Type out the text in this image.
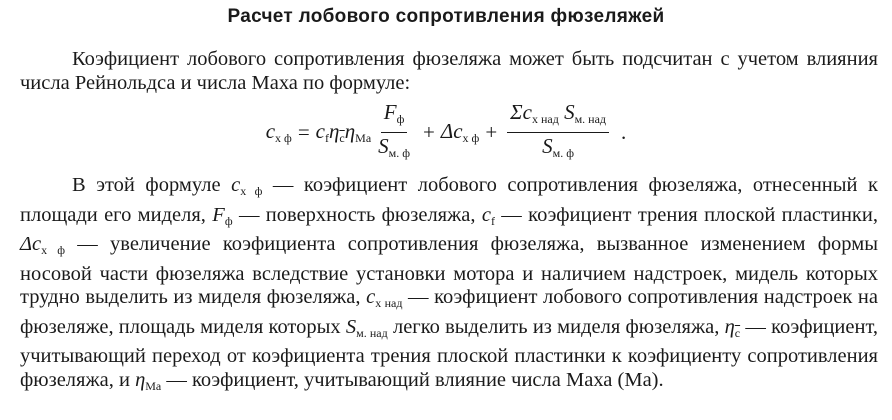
Расчет лобового сопротивления фюзеляжей

Коэфициент лобового сопротивления фюзеляжа может быть подсчитан с учетом влияния числа Рейнольдса и числа Маха по формуле:

$c_{x ф} = c_f$ $\eta_{\overline{c}}$ $\eta_{Ma} \frac{F_ф}{S_{м. ф}} + \Delta c_{x ф} + \frac{\Sigma c_{x над} S_{м. над}}{S_{м. ф}}$ .

В этой формуле $c_{x ф}$ — коэфициент лобового сопротивления фюзеляжа, отнесенный к площади его миделя, $F_ф$ — поверхность фюзеляжа, $c_f$ — коэфициент трения плоской пластинки, $\Delta c_{x ф}$ — увеличение коэфициента сопротивления фюзеляжа, вызванное изменением формы носовой части фюзеляжа вследствие установки мотора и наличием надстроек, мидель которых трудно выделить из миделя фюзеляжа, $c_{x над}$ — коэфициент лобового сопротивления надстроек на фюзеляже, площадь миделя которых $S_{м. над}$ легко выделить из миделя фюзеляжа, $\eta_{\overline{c}}$ — коэфициент, учитывающий переход от коэфициента трения плоской пластинки к коэфициенту сопротивления фюзеляжа, и $\eta_{Ma}$ — коэфициент, учитывающий влияние числа Маха (Ма).
